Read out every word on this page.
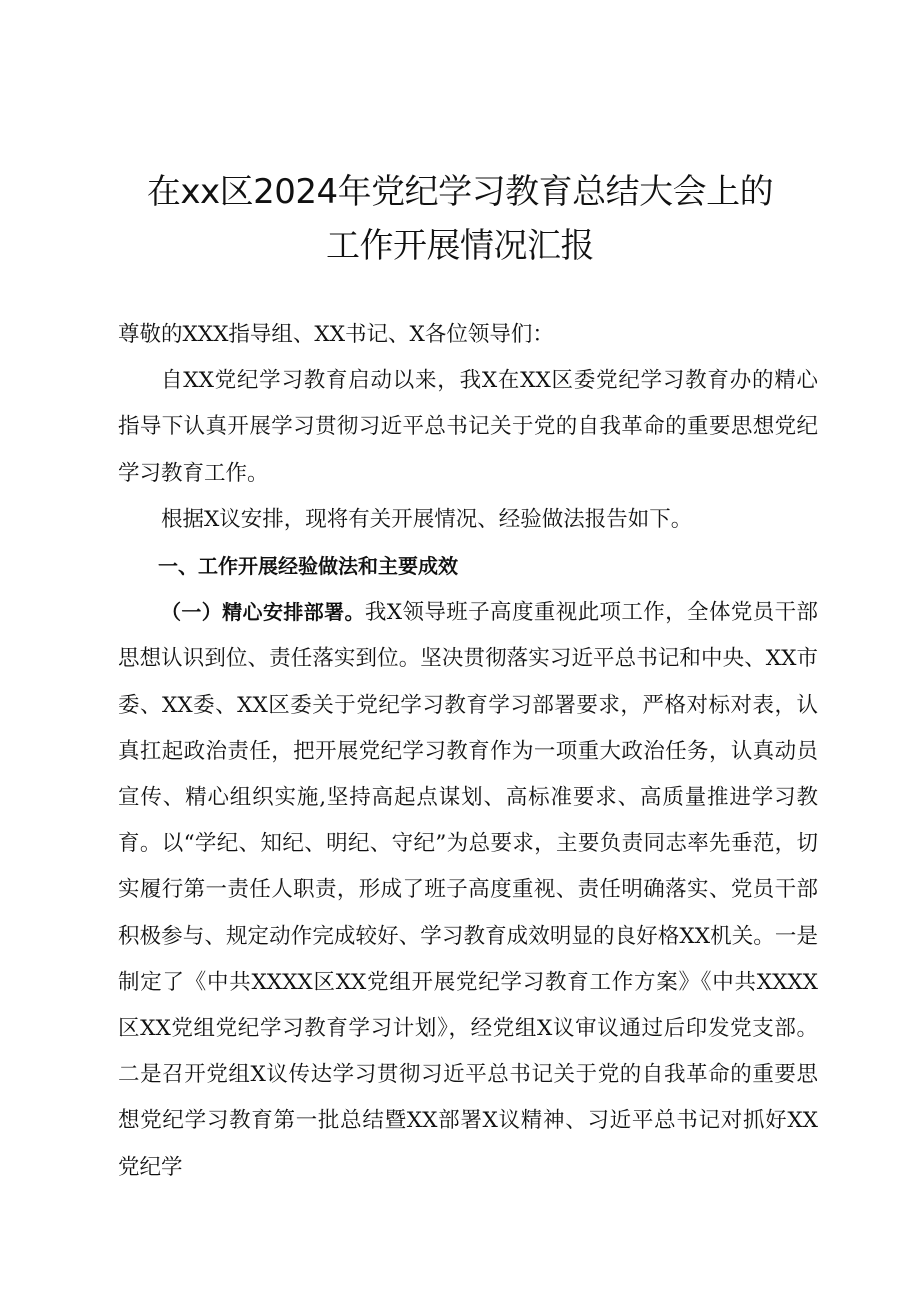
在xx区2024年党纪学习教育总结大会上的
工作开展情况汇报

尊敬的XXX指导组、XX书记、X各位领导们：

自XX党纪学习教育启动以来，我X在XX区委党纪学习教育办的精心指导下认真开展学习贯彻习近平总书记关于党的自我革命的重要思想党纪学习教育工作。

根据X议安排，现将有关开展情况、经验做法报告如下。

一、工作开展经验做法和主要成效

（一）精心安排部署。我X领导班子高度重视此项工作，全体党员干部思想认识到位、责任落实到位。坚决贯彻落实习近平总书记和中央、XX市委、XX委、XX区委关于党纪学习教育学习部署要求，严格对标对表，认真扛起政治责任，把开展党纪学习教育作为一项重大政治任务，认真动员宣传、精心组织实施,坚持高起点谋划、高标准要求、高质量推进学习教育。以“学纪、知纪、明纪、守纪”为总要求，主要负责同志率先垂范，切实履行第一责任人职责，形成了班子高度重视、责任明确落实、党员干部积极参与、规定动作完成较好、学习教育成效明显的良好格XX机关。一是制定了《中共XXXX区XX党组开展党纪学习教育工作方案》《中共XXXX区XX党组党纪学习教育学习计划》，经党组X议审议通过后印发党支部。二是召开党组X议传达学习贯彻习近平总书记关于党的自我革命的重要思想党纪学习教育第一批总结暨XX部署X议精神、习近平总书记对抓好XX党纪学
